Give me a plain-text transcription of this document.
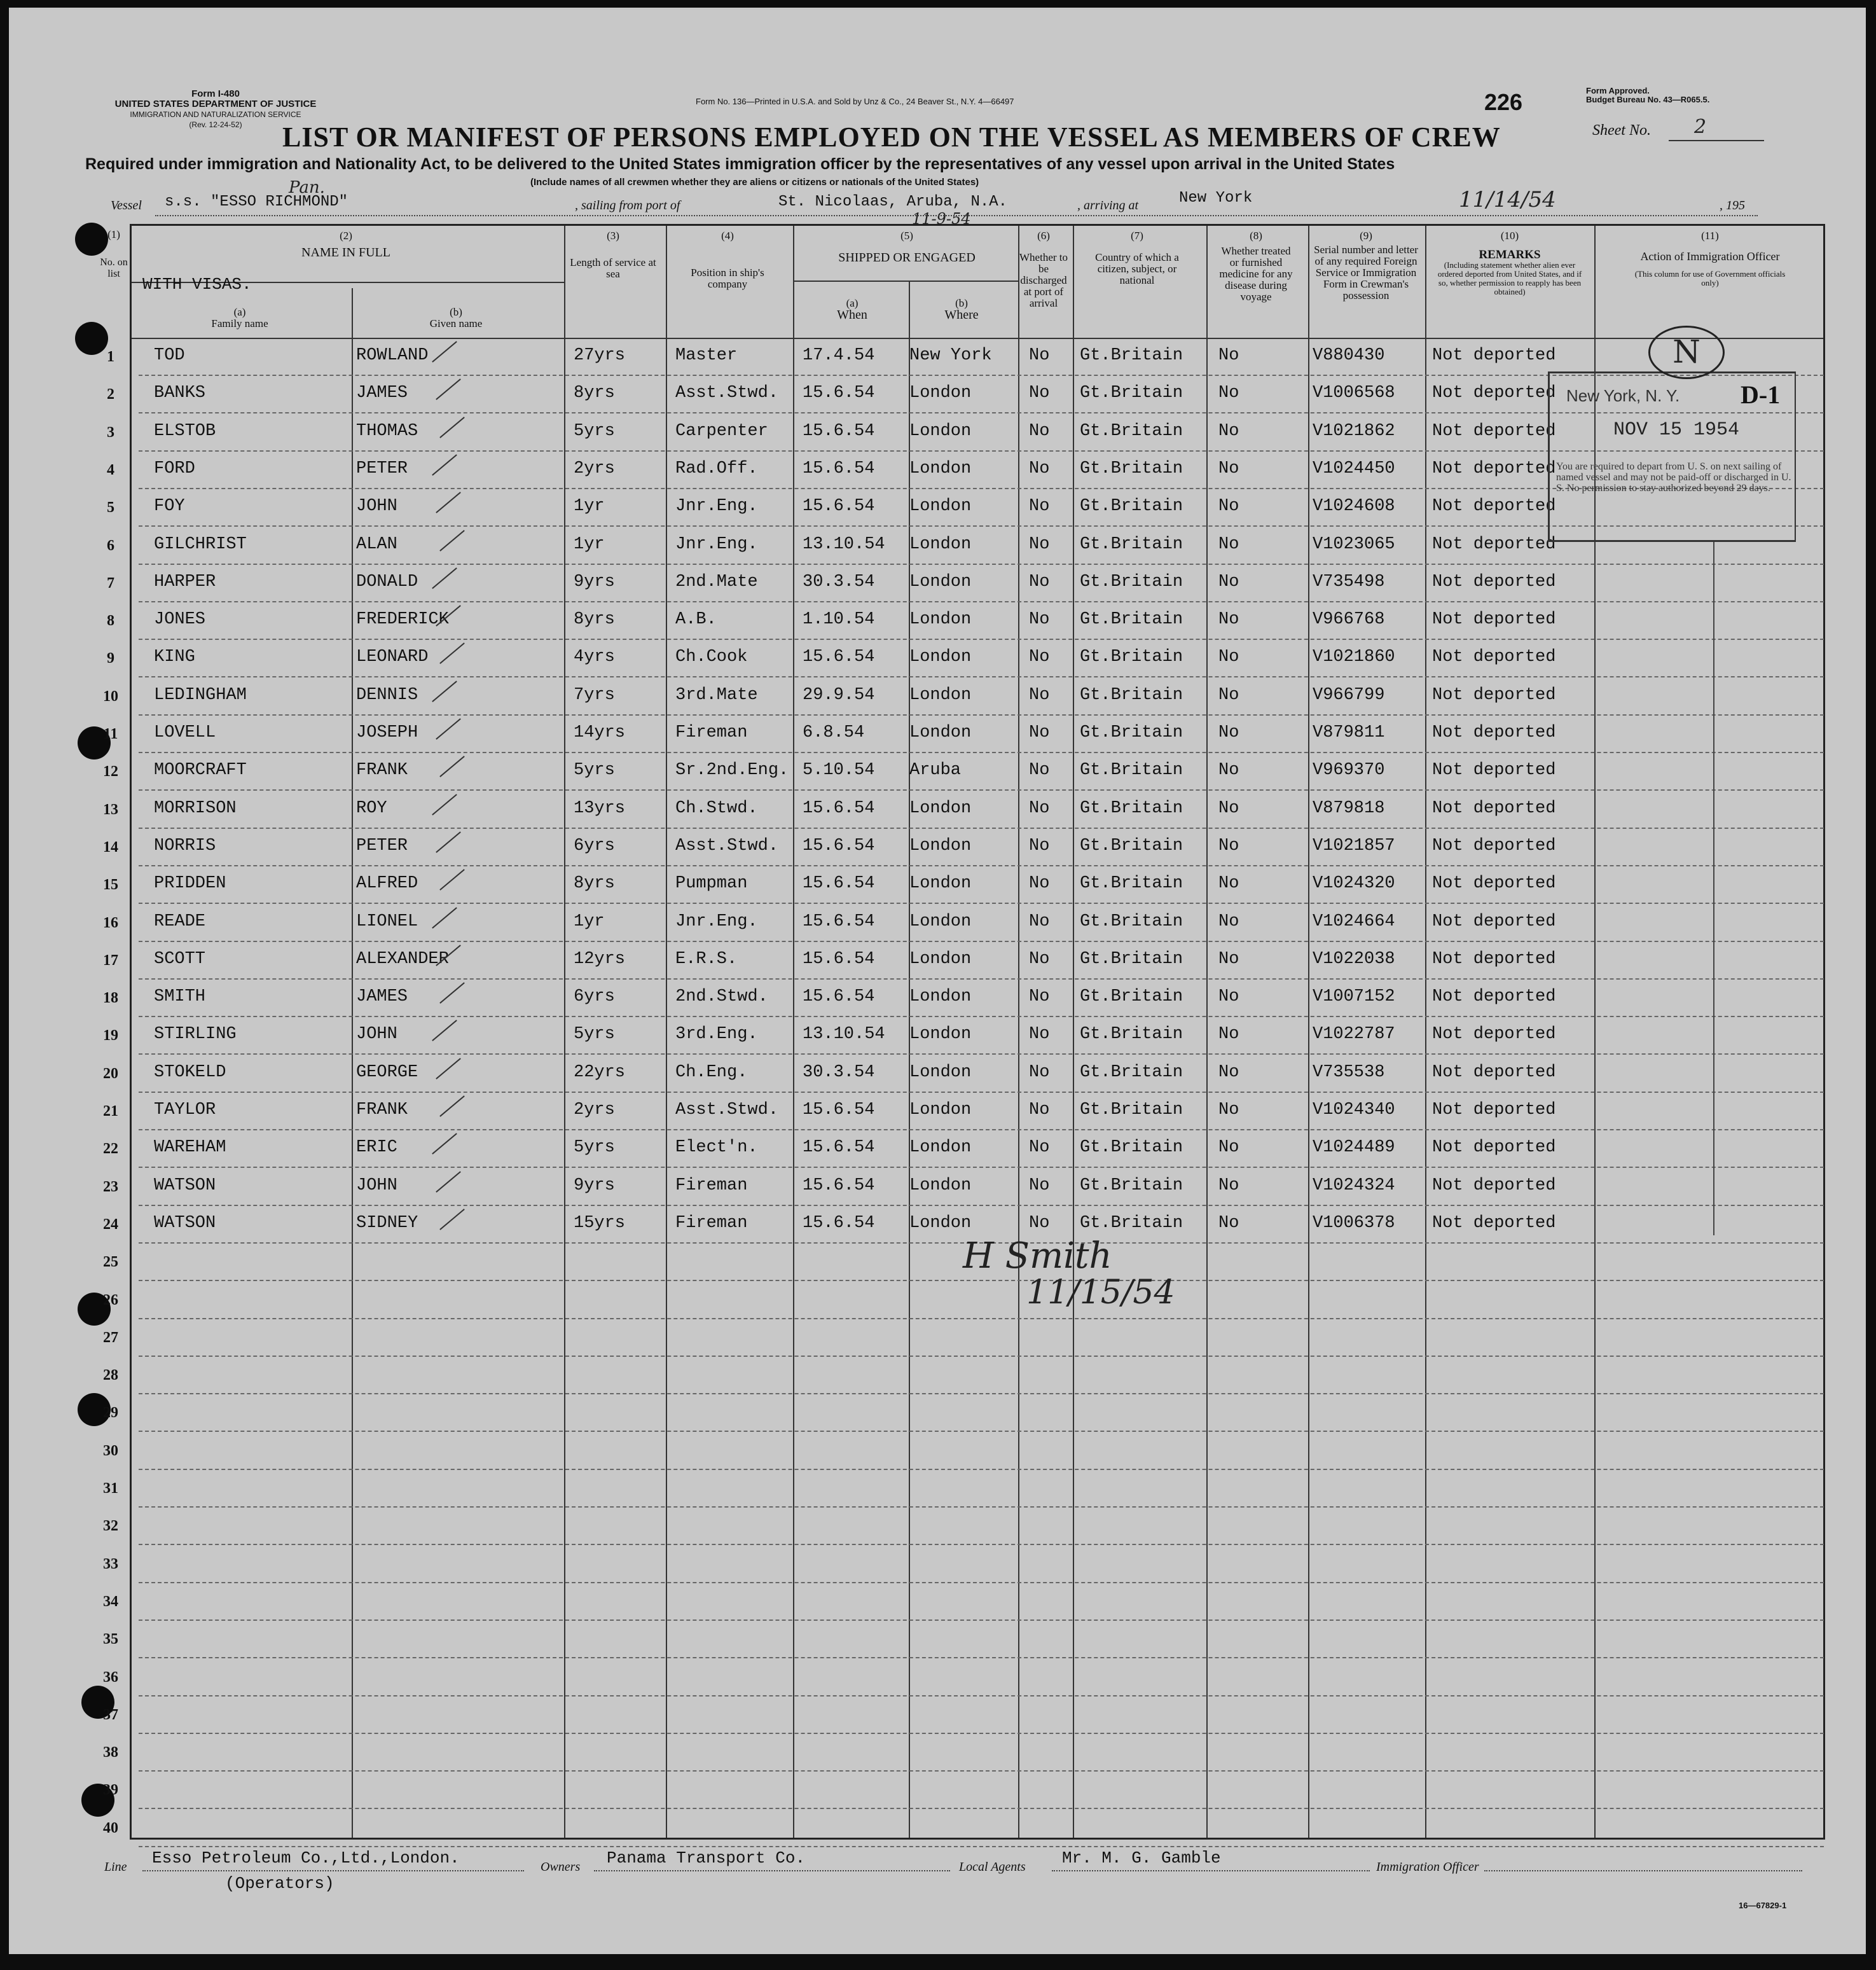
Form I-480
UNITED STATES DEPARTMENT OF JUSTICE
IMMIGRATION AND NATURALIZATION SERVICE
(Rev. 12-24-52)
Form No. 136—Printed in U.S.A. and Sold by Unz & Co., 24 Beaver St., N.Y. 4—66497	226	Form Approved.
Budget Bureau No. 43—R065.5.
Sheet No. 2
LIST OR MANIFEST OF PERSONS EMPLOYED ON THE VESSEL AS MEMBERS OF CREW
Required under immigration and Nationality Act, to be delivered to the United States immigration officer by the representatives of any vessel upon arrival in the United States
(Include names of all crewmen whether they are aliens or citizens or nationals of the United States)
Vessel s.s. "ESSO RICHMOND"
Pan.
, sailing from port of	St. Nicolaas, Aruba, N.A.
11-9-54
, arriving at	New York	11/14/54	, 195
(1)
No. on list
(2)
NAME IN FULL
WITH VISAS.
(a)
Family name
(b)
Given name
(3)
Length of service at sea
(4)
Position in ship's company
(5)
SHIPPED OR ENGAGED
(a)
When
(b)
Where
(6)
Whether to be discharged at port of arrival
(7)
Country of which a citizen, subject, or national
(8)
Whether treated or furnished medicine for any disease during voyage
(9)
Serial number and letter of any required Foreign Service or Immigration Form in Crewman's possession
(10)
REMARKS
(Including statement whether alien ever ordered deported from United States, and if so, whether permission to reapply has been obtained)
(11)
Action of Immigration Officer
(This column for use of Government officials only)
1	TOD	ROWLAND	27yrs	Master	17.4.54 New York No Gt.Britain No	V880430	Not deported
2	BANKS	JAMES	8yrs	Asst.Stwd. 15.6.54 London	No Gt.Britain No	V1006568 Not deported
3	ELSTOB	THOMAS	5yrs	Carpenter 15.6.54 London	No Gt.Britain No	V1021862 Not deported
4	FORD	PETER	2yrs	Rad.Off.	15.6.54 London	No Gt.Britain No	V1024450 Not deported
5	FOY	JOHN	1yr	Jnr.Eng.	15.6.54 London	No Gt.Britain No	V1024608 Not deported
6	GILCHRIST	ALAN	1yr	Jnr.Eng.	13.10.54 London	No Gt.Britain No	V1023065 Not deported
7	HARPER	DONALD	9yrs	2nd.Mate	30.3.54 London	No Gt.Britain No	V735498	Not deported
8	JONES	FREDERICK	8yrs	A.B.	1.10.54 London	No Gt.Britain No	V966768	Not deported
9	KING	LEONARD	4yrs	Ch.Cook	15.6.54 London	No Gt.Britain No	V1021860 Not deported
10	LEDINGHAM	DENNIS	7yrs	3rd.Mate	29.9.54 London	No Gt.Britain No	V966799	Not deported
11	LOVELL	JOSEPH	14yrs	Fireman	6.8.54	London	No Gt.Britain No	V879811	Not deported
12	MOORCRAFT	FRANK	5yrs	Sr.2nd.Eng. 5.10.54 Aruba	No Gt.Britain No	V969370	Not deported
13	MORRISON	ROY	13yrs	Ch.Stwd.	15.6.54 London	No Gt.Britain No	V879818	Not deported
14	NORRIS	PETER	6yrs	Asst.Stwd. 15.6.54 London	No Gt.Britain No	V1021857 Not deported
15	PRIDDEN	ALFRED	8yrs	Pumpman	15.6.54 London	No Gt.Britain No	V1024320 Not deported
16	READE	LIONEL	1yr	Jnr.Eng.	15.6.54 London	No Gt.Britain No	V1024664 Not deported
17	SCOTT	ALEXANDER	12yrs	E.R.S.	15.6.54 London	No Gt.Britain No	V1022038 Not deported
18	SMITH	JAMES	6yrs	2nd.Stwd. 15.6.54 London	No Gt.Britain No	V1007152 Not deported
19	STIRLING	JOHN	5yrs	3rd.Eng.	13.10.54 London	No Gt.Britain No	V1022787 Not deported
20	STOKELD	GEORGE	22yrs	Ch.Eng.	30.3.54 London	No Gt.Britain No	V735538	Not deported
21	TAYLOR	FRANK	2yrs	Asst.Stwd. 15.6.54 London	No Gt.Britain No	V1024340 Not deported
22	WAREHAM	ERIC	5yrs	Elect'n.	15.6.54 London	No Gt.Britain No	V1024489 Not deported
23	WATSON	JOHN	9yrs	Fireman	15.6.54 London	No Gt.Britain No	V1024324 Not deported
24	WATSON	SIDNEY	15yrs	Fireman	15.6.54 London	No Gt.Britain No	V1006378 Not deported
25
26
27
28
29
30
31
32
33
34
35
36
37
38
39
40
New York, N. Y. D-1
NOV 15 1954
You are required to depart from U. S. on next sailing of named vessel and may not be paid-off or discharged in U. S. No permission to stay authorized beyond 29 days.
N
H Smith
11/15/54
Line Esso Petroleum Co.,Ltd.,London.
(Operators)
Owners Panama Transport Co.	Local Agents Mr. M. G. Gamble	Immigration Officer
16—67829-1
